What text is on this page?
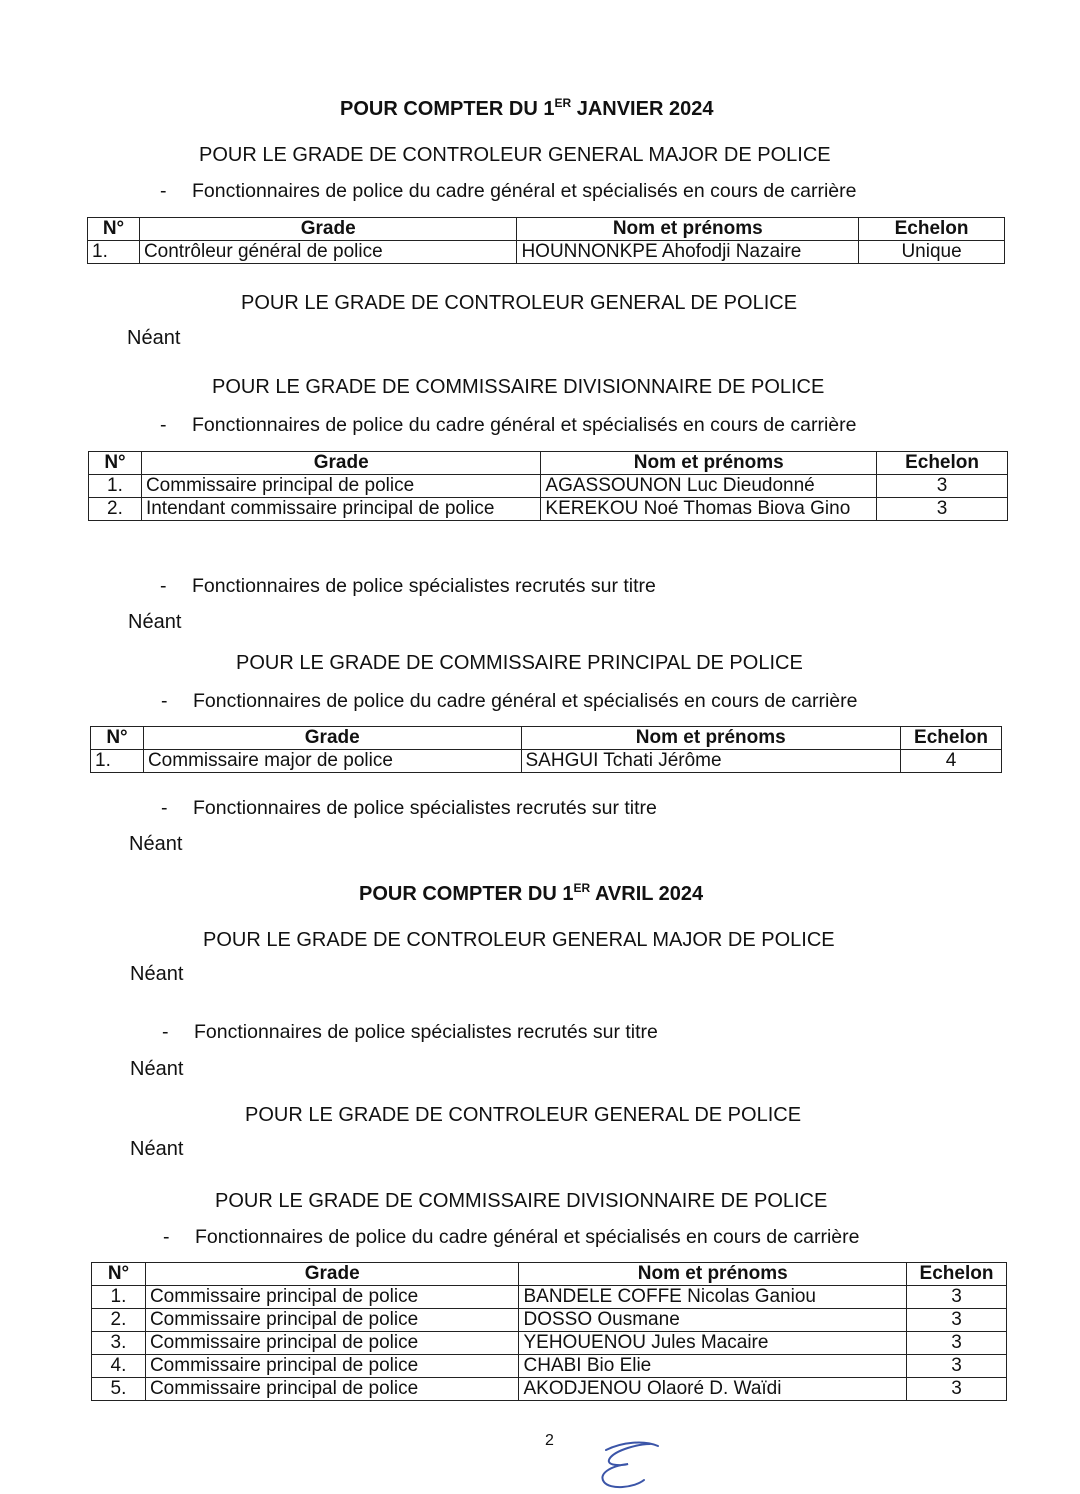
POUR COMPTER DU 1ER JANVIER 2024
POUR LE GRADE DE CONTROLEUR GENERAL MAJOR DE POLICE
- Fonctionnaires de police du cadre général et spécialisés en cours de carrière
N°	Grade	Nom et prénoms	Echelon
1.	Contrôleur général de police	HOUNNONKPE Ahofodji Nazaire	Unique
POUR LE GRADE DE CONTROLEUR GENERAL DE POLICE
Néant
POUR LE GRADE DE COMMISSAIRE DIVISIONNAIRE DE POLICE
- Fonctionnaires de police du cadre général et spécialisés en cours de carrière
N°	Grade	Nom et prénoms	Echelon
1.	Commissaire principal de police	AGASSOUNON Luc Dieudonné	3
2.	Intendant commissaire principal de police	KEREKOU Noé Thomas Biova Gino	3
- Fonctionnaires de police spécialistes recrutés sur titre
Néant
POUR LE GRADE DE COMMISSAIRE PRINCIPAL DE POLICE
- Fonctionnaires de police du cadre général et spécialisés en cours de carrière
N°	Grade	Nom et prénoms	Echelon
1.	Commissaire major de police	SAHGUI Tchati Jérôme	4
- Fonctionnaires de police spécialistes recrutés sur titre
Néant
POUR COMPTER DU 1ER AVRIL 2024
POUR LE GRADE DE CONTROLEUR GENERAL MAJOR DE POLICE
Néant
- Fonctionnaires de police spécialistes recrutés sur titre
Néant
POUR LE GRADE DE CONTROLEUR GENERAL DE POLICE
Néant
POUR LE GRADE DE COMMISSAIRE DIVISIONNAIRE DE POLICE
- Fonctionnaires de police du cadre général et spécialisés en cours de carrière
N°	Grade	Nom et prénoms	Echelon
1.	Commissaire principal de police	BANDELE COFFE Nicolas Ganiou	3
2.	Commissaire principal de police	DOSSO Ousmane	3
3.	Commissaire principal de police	YEHOUENOU Jules Macaire	3
4.	Commissaire principal de police	CHABI Bio Elie	3
5.	Commissaire principal de police	AKODJENOU Olaoré D. Waïdi	3
2
